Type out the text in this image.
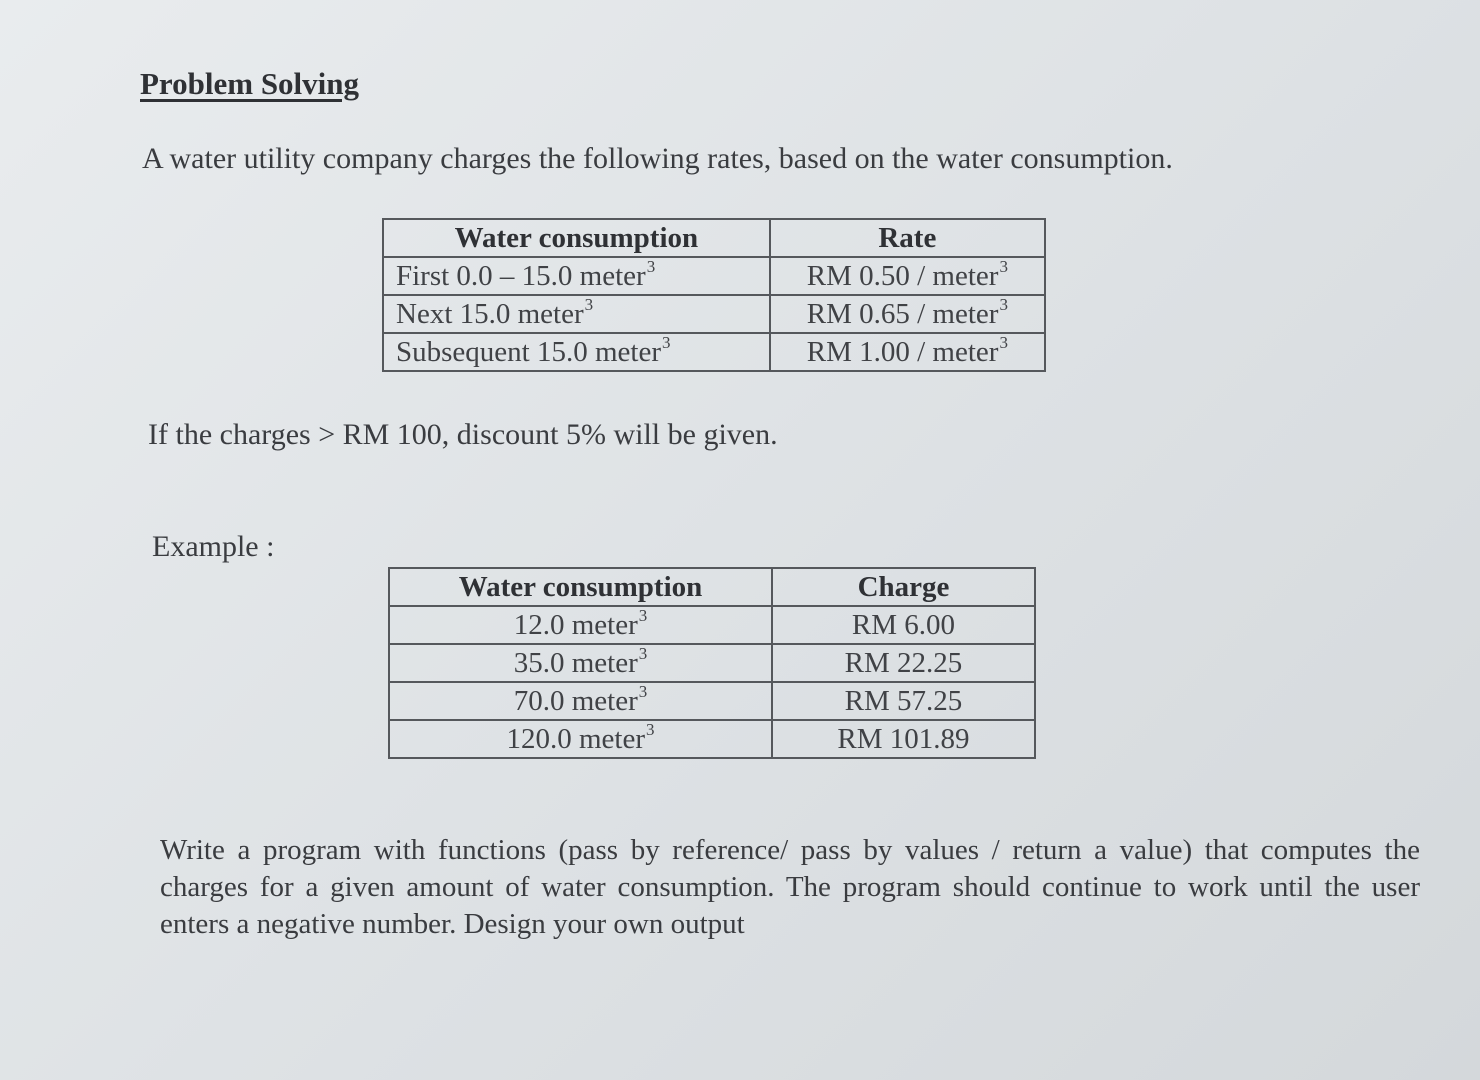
Problem Solving

A water utility company charges the following rates, based on the water consumption.

Water consumption	Rate
First 0.0 – 15.0 meter$^3$	RM 0.50 / meter$^3$
Next 15.0 meter$^3$	RM 0.65 / meter$^3$
Subsequent 15.0 meter$^3$	RM 1.00 / meter$^3$

If the charges > RM 100, discount 5% will be given.

Example :

Water consumption	Charge
12.0 meter$^3$	RM 6.00
35.0 meter$^3$	RM 22.25
70.0 meter$^3$	RM 57.25
120.0 meter$^3$	RM 101.89

Write a program with functions (pass by reference/ pass by values / return a value) that computes the charges for a given amount of water consumption. The program should continue to work until the user enters a negative number. Design your own output
